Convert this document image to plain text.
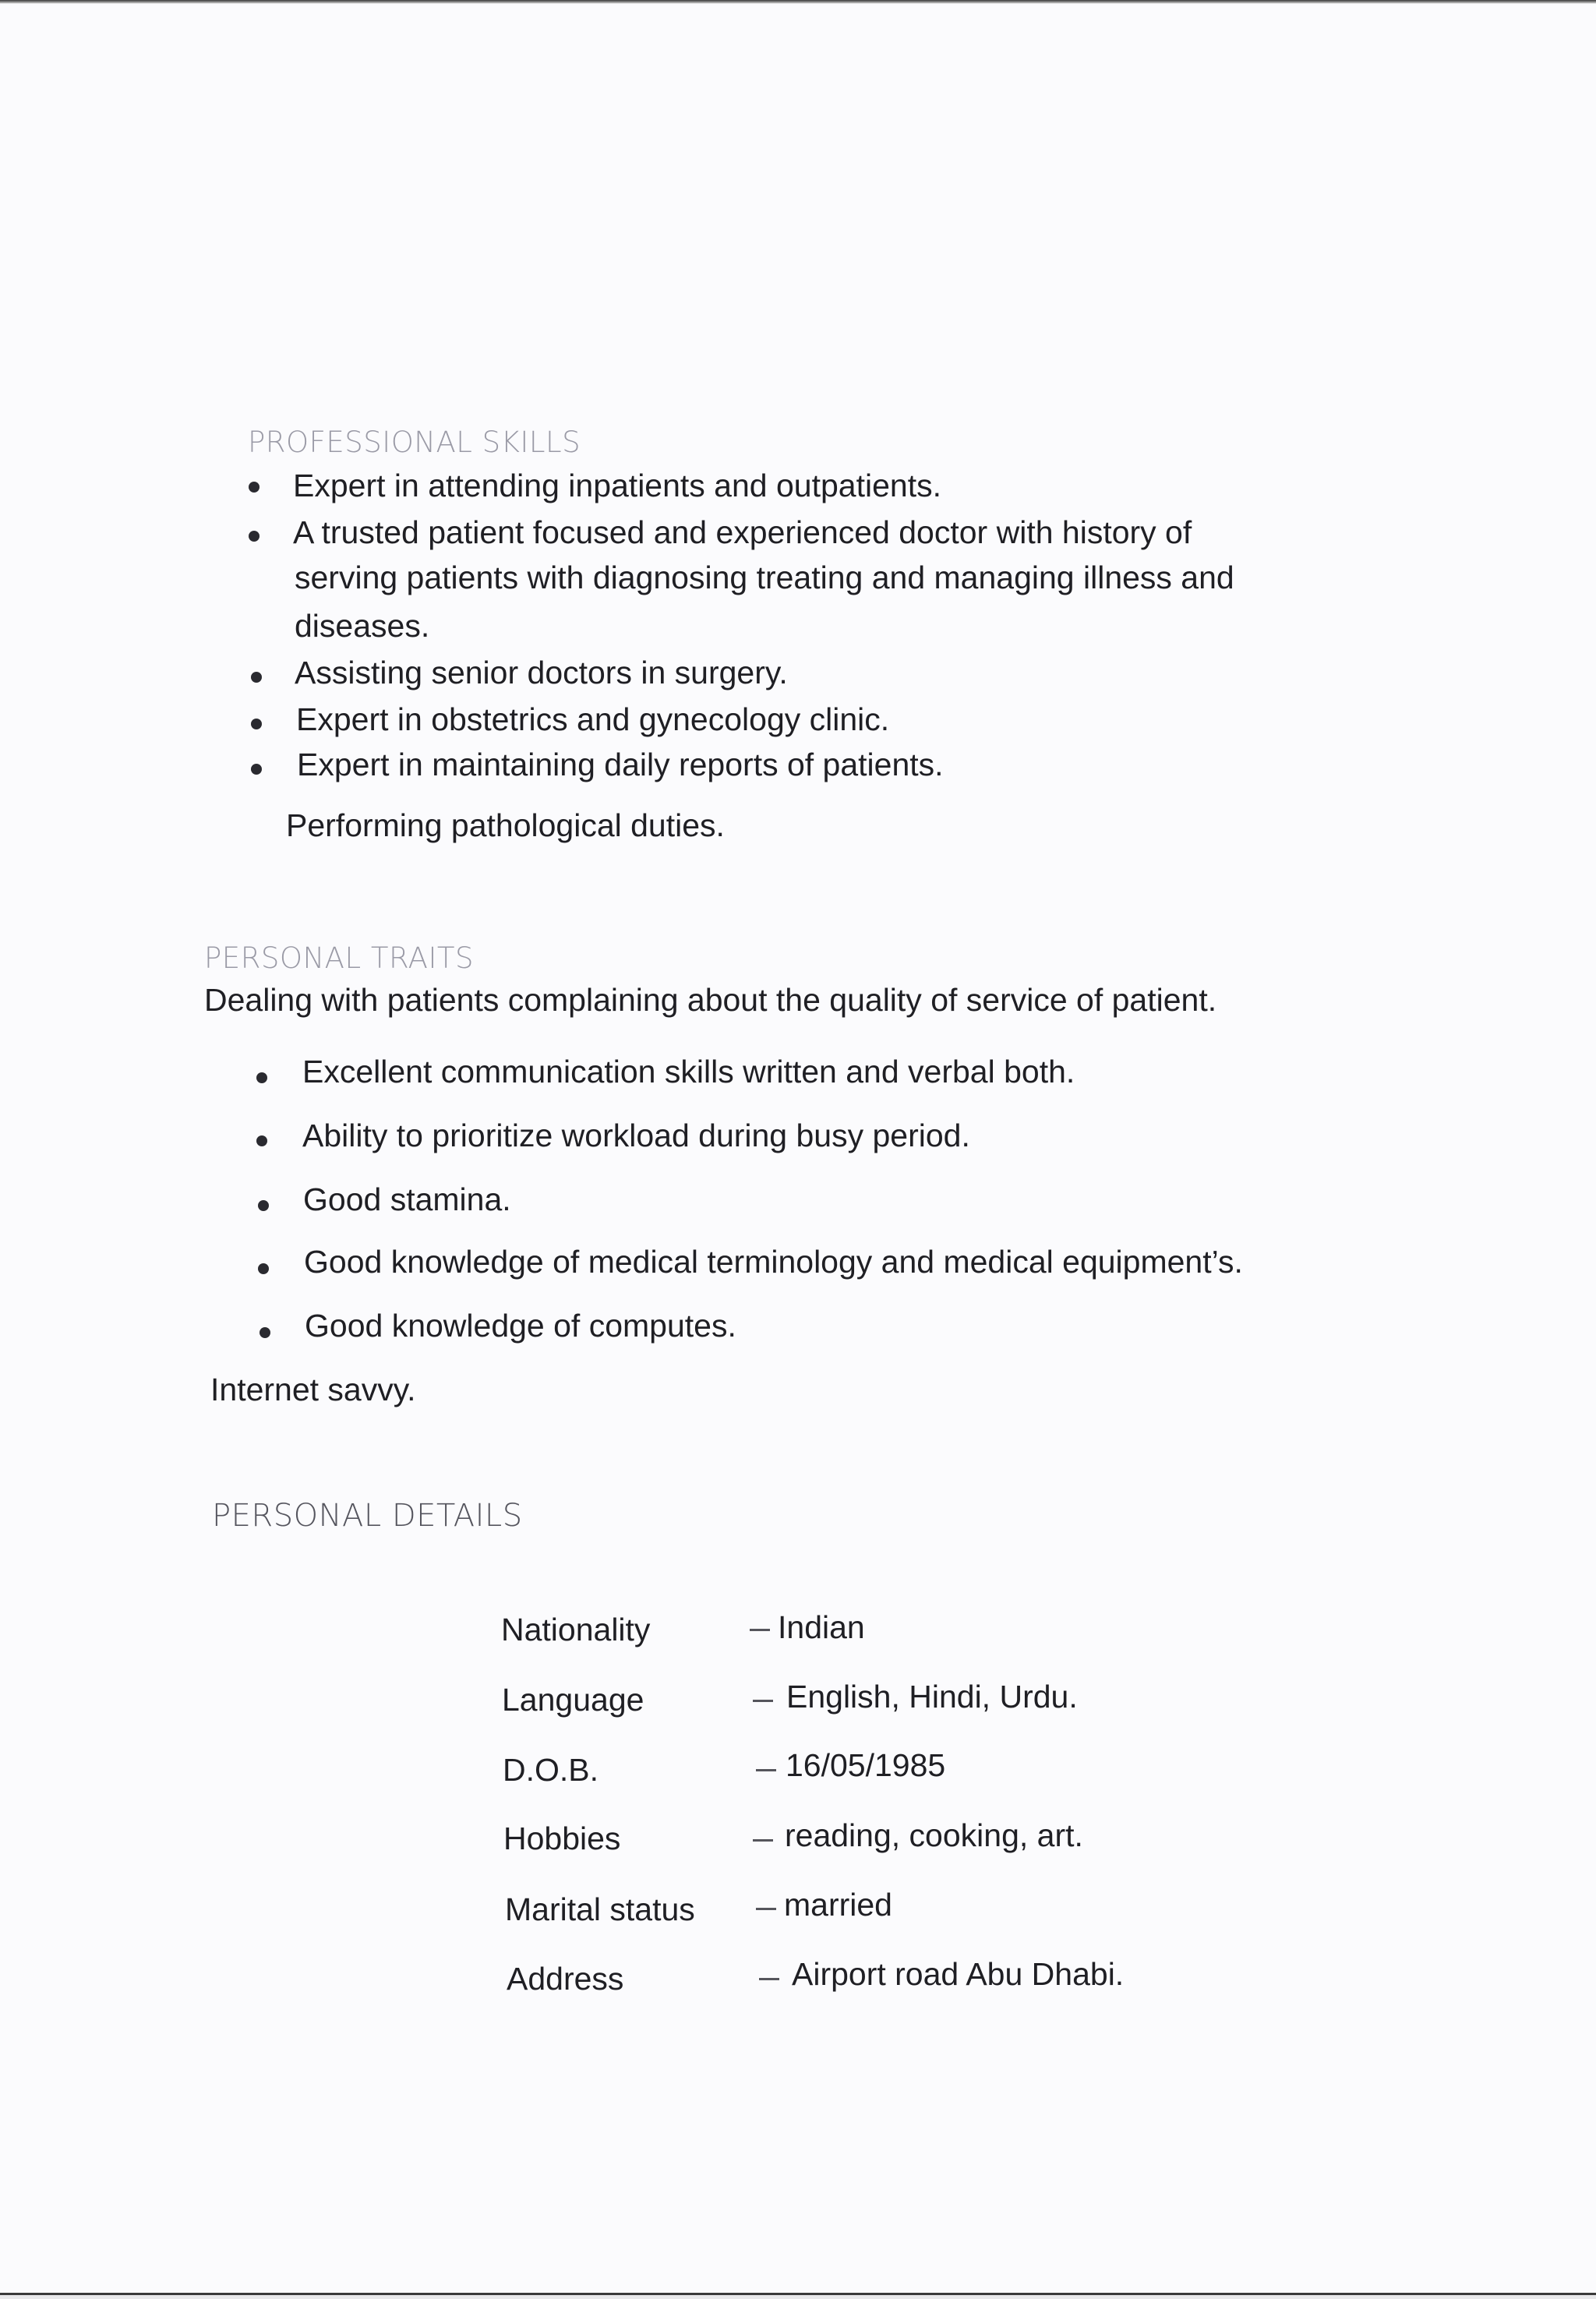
PROFESSIONAL SKILLS
Expert in attending inpatients and outpatients.
A trusted patient focused and experienced doctor with history of
serving patients with diagnosing treating and managing illness and
diseases.
Assisting senior doctors in surgery.
Expert in obstetrics and gynecology clinic.
Expert in maintaining daily reports of patients.
Performing pathological duties.
PERSONAL TRAITS
Dealing with patients complaining about the quality of service of patient.
Excellent communication skills written and verbal both.
Ability to prioritize workload during busy period.
Good stamina.
Good knowledge of medical terminology and medical equipment’s.
Good knowledge of computes.
Internet savvy.
PERSONAL DETAILS
Nationality	Indian
Language	English, Hindi, Urdu.
D.O.B.	16/05/1985
Hobbies	reading, cooking, art.
Marital status	married
Address	Airport road Abu Dhabi.
